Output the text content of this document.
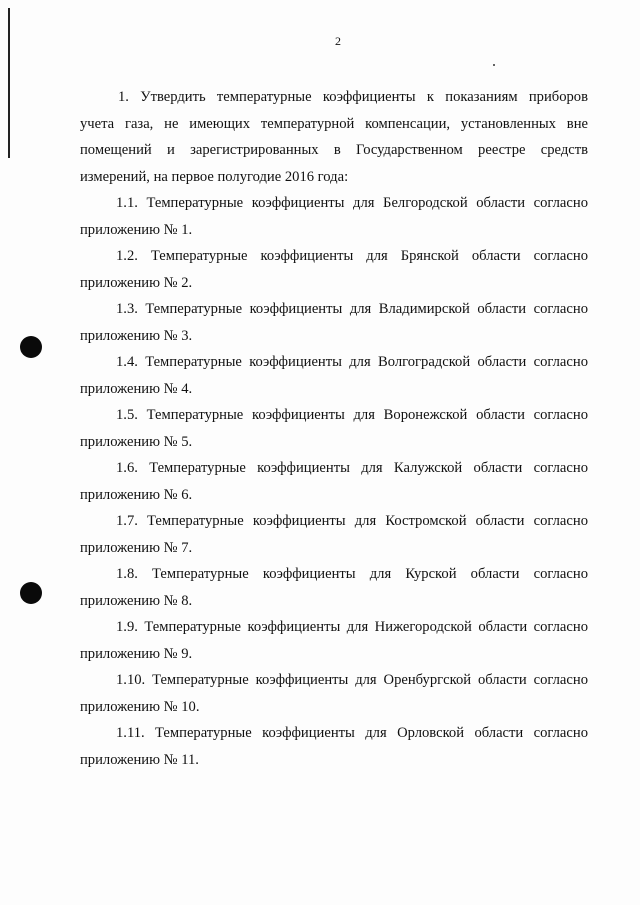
2

1. Утвердить температурные коэффициенты к показаниям приборов
учета газа, не имеющих температурной компенсации, установленных вне
помещений и зарегистрированных в Государственном реестре средств
измерений, на первое полугодие 2016 года:

1.1. Температурные коэффициенты для Белгородской области согласно
приложению № 1.

1.2. Температурные коэффициенты для Брянской области согласно
приложению № 2.

1.3. Температурные коэффициенты для Владимирской области согласно
приложению № 3.

1.4. Температурные коэффициенты для Волгоградской области согласно
приложению № 4.

1.5. Температурные коэффициенты для Воронежской области согласно
приложению № 5.

1.6. Температурные коэффициенты для Калужской области согласно
приложению № 6.

1.7. Температурные коэффициенты для Костромской области согласно
приложению № 7.

1.8. Температурные коэффициенты для Курской области согласно
приложению № 8.

1.9. Температурные коэффициенты для Нижегородской области согласно
приложению № 9.

1.10. Температурные коэффициенты для Оренбургской области согласно
приложению № 10.

1.11. Температурные коэффициенты для Орловской области согласно
приложению № 11.
